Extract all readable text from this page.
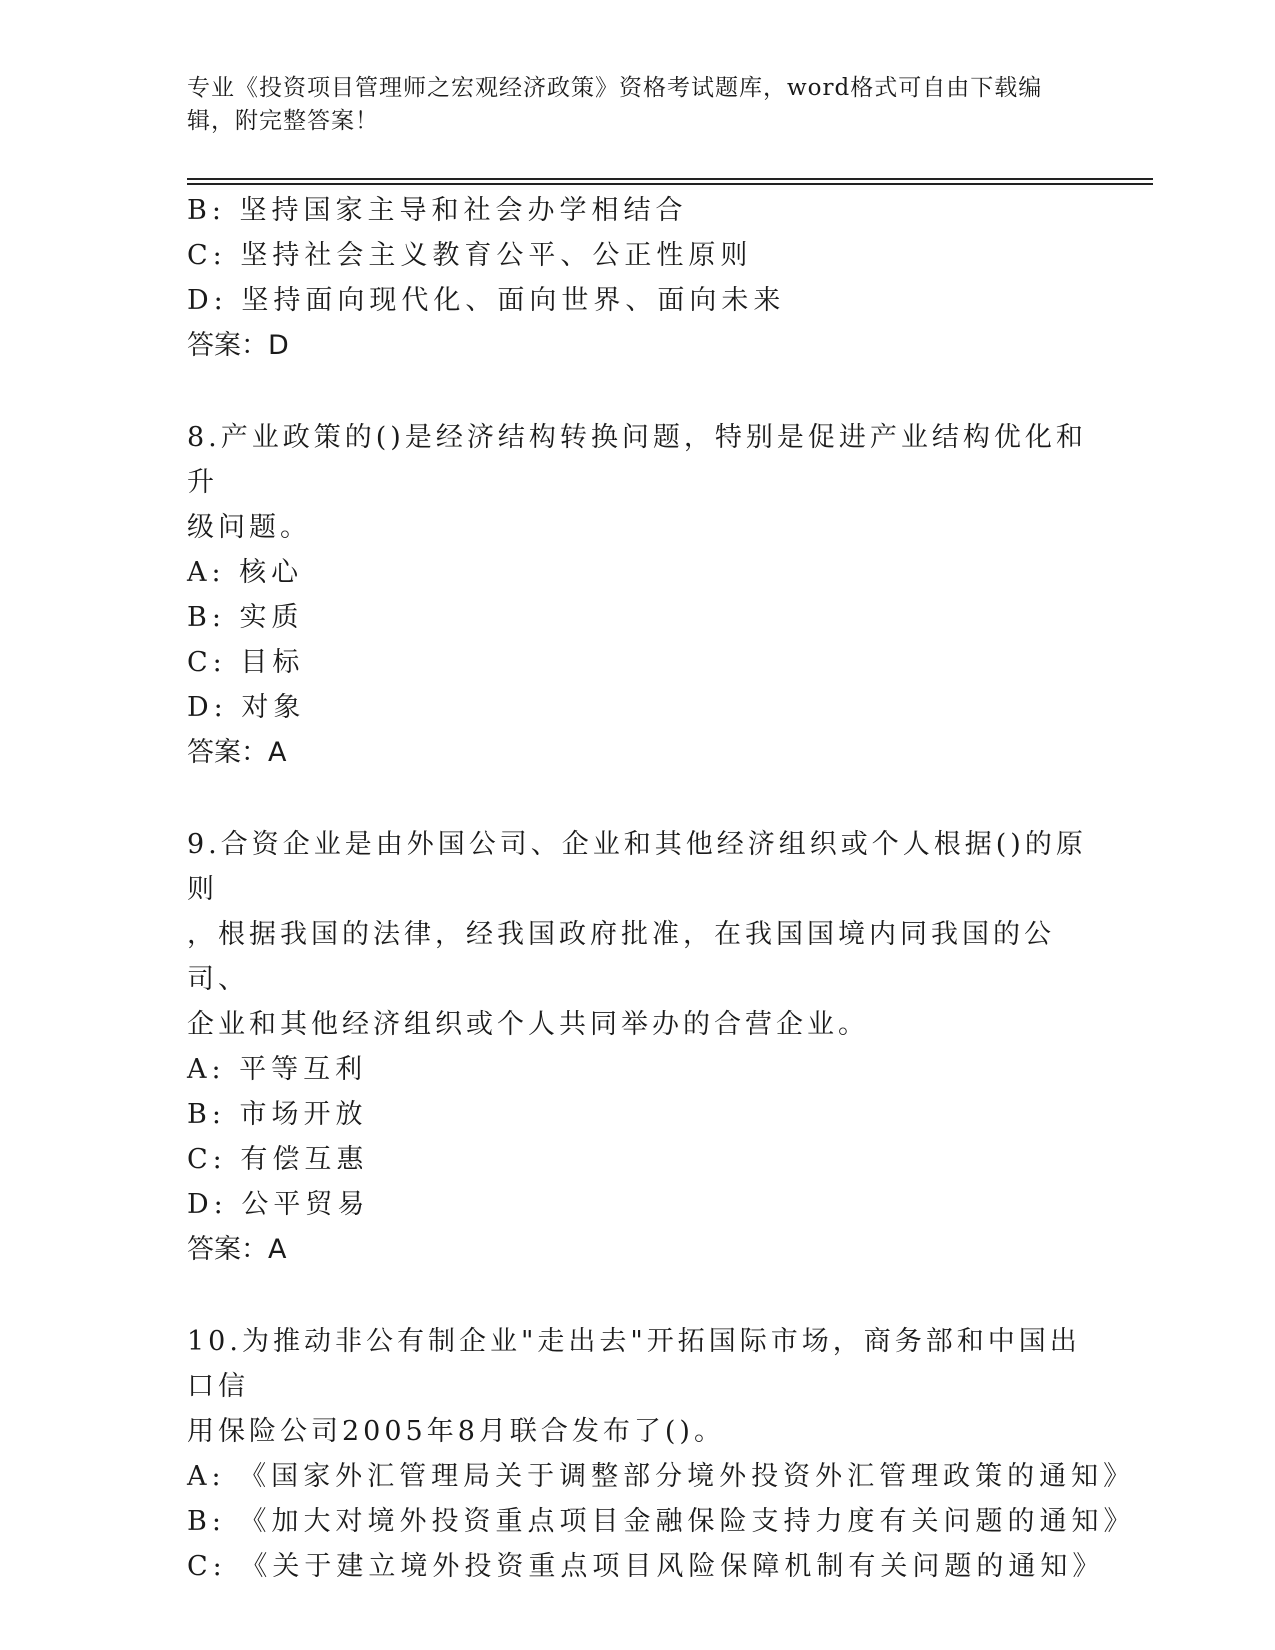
专业《投资项目管理师之宏观经济政策》资格考试题库，word格式可自由下载编
辑，附完整答案！
B: 坚持国家主导和社会办学相结合
C: 坚持社会主义教育公平、公正性原则
D: 坚持面向现代化、面向世界、面向未来
答案：D
8.产业政策的()是经济结构转换问题，特别是促进产业结构优化和升
级问题。
A: 核心
B: 实质
C: 目标
D: 对象
答案：A
9.合资企业是由外国公司、企业和其他经济组织或个人根据()的原则
，根据我国的法律，经我国政府批准，在我国国境内同我国的公司、
企业和其他经济组织或个人共同举办的合营企业。
A: 平等互利
B: 市场开放
C: 有偿互惠
D: 公平贸易
答案：A
10.为推动非公有制企业"走出去"开拓国际市场，商务部和中国出口信
用保险公司2005年8月联合发布了()。
A: 《国家外汇管理局关于调整部分境外投资外汇管理政策的通知》
B: 《加大对境外投资重点项目金融保险支持力度有关问题的通知》
C: 《关于建立境外投资重点项目风险保障机制有关问题的通知》
